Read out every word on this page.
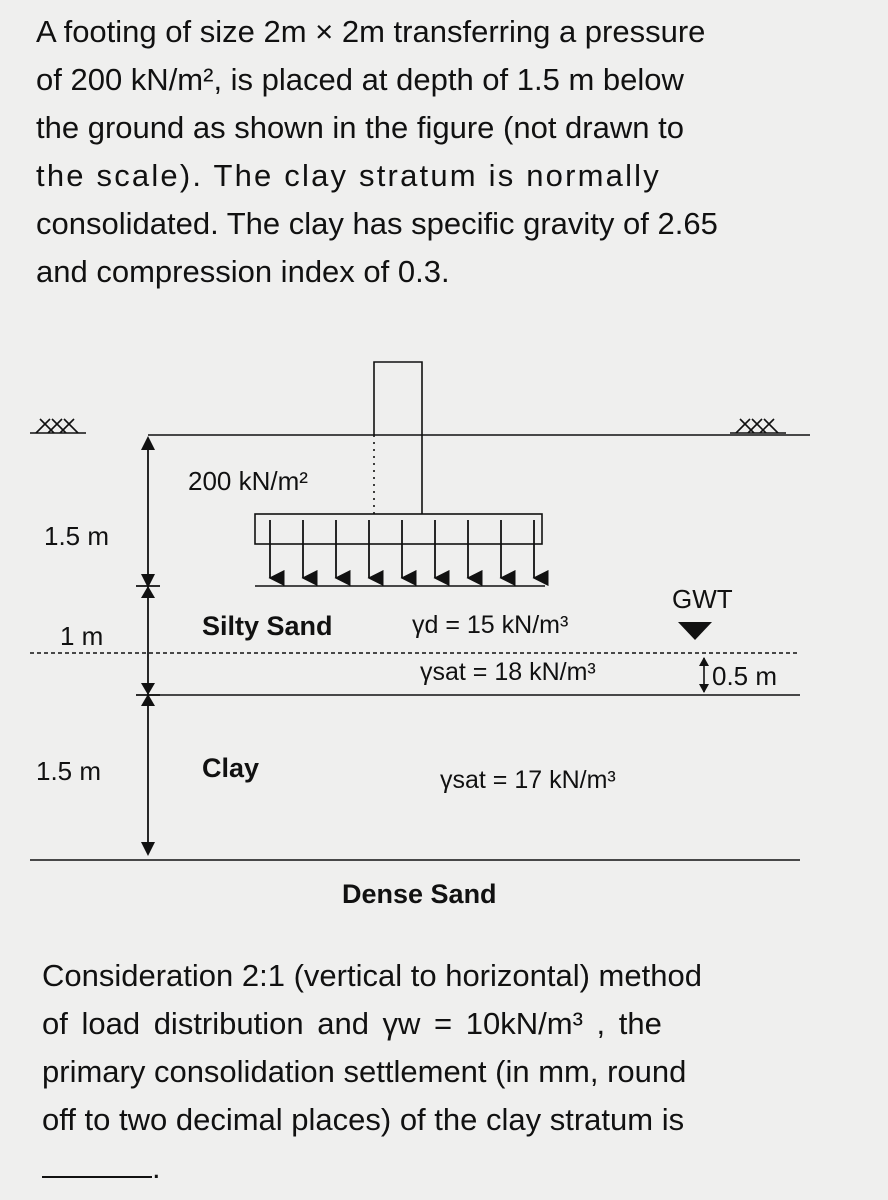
A footing of size 2m × 2m transferring a pressure
of 200 kN/m², is placed at depth of 1.5 m below
the ground as shown in the figure (not drawn to
the scale). The clay stratum is normally
consolidated. The clay has specific gravity of 2.65
and compression index of 0.3.
200 kN/m²
1.5 m
1 m
1.5 m
GWT
0.5 m
Silty Sand	γd = 15 kN/m³
γsat = 18 kN/m³
Clay	γsat = 17 kN/m³
Dense Sand
Consideration 2:1 (vertical to horizontal) method
of load distribution and γw = 10kN/m³ , the
primary consolidation settlement (in mm, round
off to two decimal places) of the clay stratum is
.
